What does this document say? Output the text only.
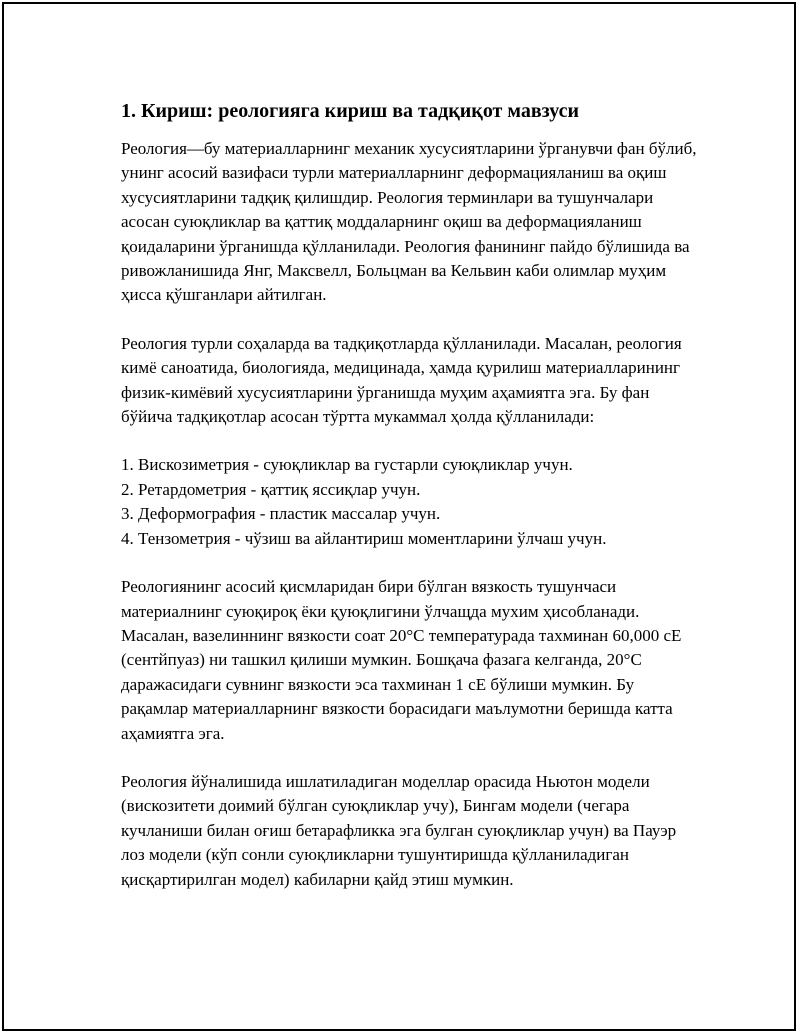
1. Кириш: реологияга кириш ва тадқиқот мавзуси

Реология—бу материалларнинг механик хусусиятларини ўрганувчи фан бўлиб, унинг асосий вазифаси турли материалларнинг деформацияланиш ва оқиш хусусиятларини тадқиқ қилишдир. Реология терминлари ва тушунчалари асосан суюқликлар ва қаттиқ моддаларнинг оқиш ва деформацияланиш қоидаларини ўрганишда қўлланилади. Реология фанининг пайдо бўлишида ва ривожланишида Янг, Максвелл, Больцман ва Кельвин каби олимлар муҳим ҳисса қўшганлари айтилган.

Реология турли соҳаларда ва тадқиқотларда қўлланилади. Масалан, реология кимё саноатида, биологияда, медицинада, ҳамда қурилиш материалларининг физик-кимёвий хусусиятларини ўрганишда муҳим аҳамиятга эга. Бу фан бўйича тадқиқотлар асосан тўртта мукаммал ҳолда қўлланилади:

1. Вискозиметрия - суюқликлар ва густарли суюқликлар учун.

2. Ретардометрия - қаттиқ яссиқлар учун.

3. Деформография - пластик массалар учун.

4. Тензометрия - чўзиш ва айлантириш моментларини ўлчаш учун.

Реологиянинг асосий қисмларидан бири бўлган вязкость тушунчаси материалнинг суюқироқ ёки қуюқлигини ўлчащда мухим ҳисобланади. Масалан, вазелиннинг вязкости соат 20°С температурада тахминан 60,000 сЕ (сентйпуаз) ни ташкил қилиши мумкин. Бошқача фазага келганда, 20°С даражасидаги сувнинг вязкости эса тахминан 1 сЕ бўлиши мумкин. Бу рақамлар материалларнинг вязкости борасидаги маълумотни беришда катта аҳамиятга эга.

Реология йўналишида ишлатиладиган моделлар орасида Ньютон модели (вискозитети доимий бўлган суюқликлар учу), Бингам модели (чегара кучланиши билан оғиш бетарафликка эга булган суюқликлар учун) ва Пауэр лоз модели (кўп сонли суюқликларни тушунтиришда қўлланиладиган қисқартирилган модел) кабиларни қайд этиш мумкин.
